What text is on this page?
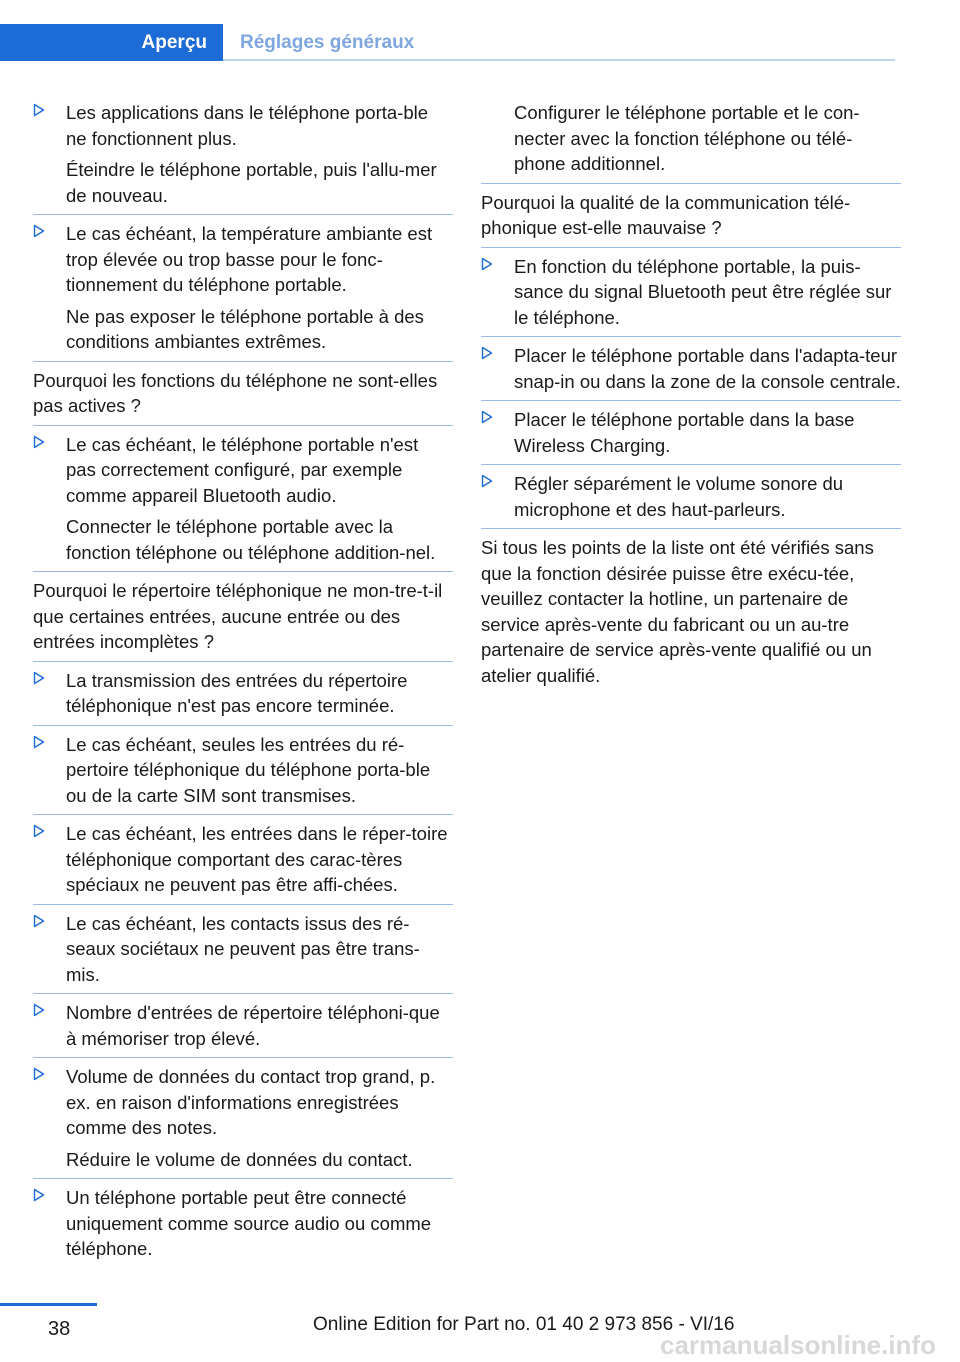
Aperçu	Réglages généraux

Les applications dans le téléphone porta-ble ne fonctionnent plus.

Éteindre le téléphone portable, puis l'allu-mer de nouveau.

Le cas échéant, la température ambiante est trop élevée ou trop basse pour le fonc-tionnement du téléphone portable.

Ne pas exposer le téléphone portable à des conditions ambiantes extrêmes.

Pourquoi les fonctions du téléphone ne sont-elles pas actives ?

Le cas échéant, le téléphone portable n'est pas correctement configuré, par exemple comme appareil Bluetooth audio.

Connecter le téléphone portable avec la fonction téléphone ou téléphone addition-nel.

Pourquoi le répertoire téléphonique ne mon-tre-t-il que certaines entrées, aucune entrée ou des entrées incomplètes ?

La transmission des entrées du répertoire téléphonique n'est pas encore terminée.

Le cas échéant, seules les entrées du ré-pertoire téléphonique du téléphone porta-ble ou de la carte SIM sont transmises.

Le cas échéant, les entrées dans le réper-toire téléphonique comportant des carac-tères spéciaux ne peuvent pas être affi-chées.

Le cas échéant, les contacts issus des ré-seaux sociétaux ne peuvent pas être trans-mis.

Nombre d'entrées de répertoire téléphoni-que à mémoriser trop élevé.

Volume de données du contact trop grand, p. ex. en raison d'informations enregistrées comme des notes.

Réduire le volume de données du contact.

Un téléphone portable peut être connecté uniquement comme source audio ou comme téléphone.

Configurer le téléphone portable et le con-necter avec la fonction téléphone ou télé-phone additionnel.

Pourquoi la qualité de la communication télé-phonique est-elle mauvaise ?

En fonction du téléphone portable, la puis-sance du signal Bluetooth peut être réglée sur le téléphone.

Placer le téléphone portable dans l'adapta-teur snap-in ou dans la zone de la console centrale.

Placer le téléphone portable dans la base Wireless Charging.

Régler séparément le volume sonore du microphone et des haut-parleurs.

Si tous les points de la liste ont été vérifiés sans que la fonction désirée puisse être exécu-tée, veuillez contacter la hotline, un partenaire de service après-vente du fabricant ou un au-tre partenaire de service après-vente qualifié ou un atelier qualifié.

38	Online Edition for Part no. 01 40 2 973 856 - VI/16
carmanualsonline.info
